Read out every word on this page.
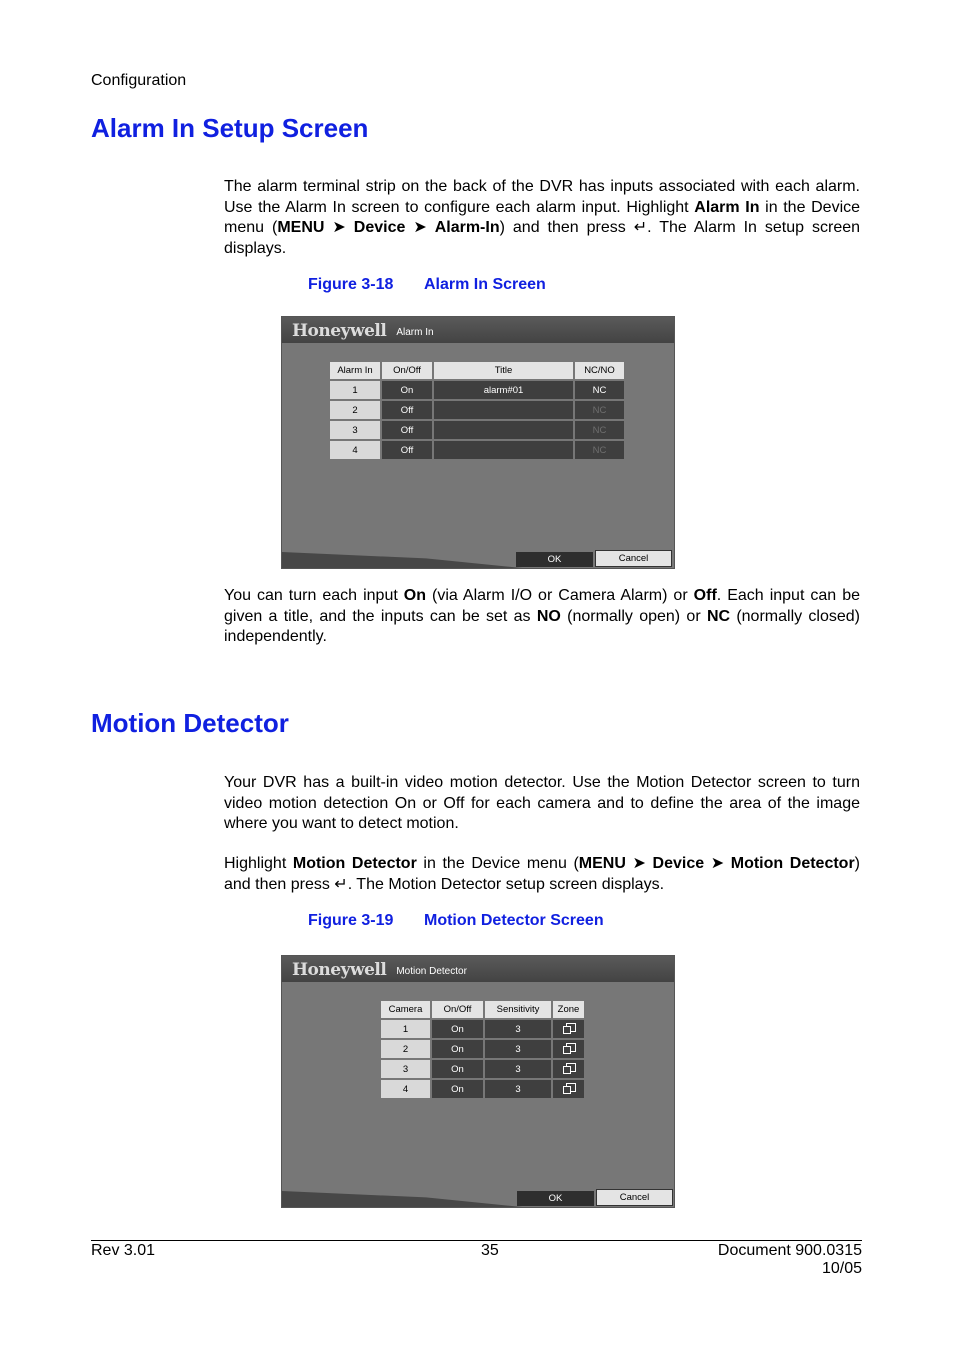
Configuration
Alarm In Setup Screen

The alarm terminal strip on the back of the DVR has inputs associated with each alarm. Use the Alarm In screen to configure each alarm input. Highlight Alarm In in the Device menu (MENU ➤ Device ➤ Alarm-In) and then press ↵. The Alarm In setup screen displays.

Figure 3-18 Alarm In Screen
Honeywell Alarm In
Alarm In	On/Off	Title	NC/NO
1	On	alarm#01	NC
2	Off		NC
3	Off		NC
4	Off		NC
OK	Cancel

You can turn each input On (via Alarm I/O or Camera Alarm) or Off. Each input can be given a title, and the inputs can be set as NO (normally open) or NC (normally closed) independently.

Motion Detector

Your DVR has a built-in video motion detector. Use the Motion Detector screen to turn video motion detection On or Off for each camera and to define the area of the image where you want to detect motion.

Highlight Motion Detector in the Device menu (MENU ➤ Device ➤ Motion Detector) and then press ↵. The Motion Detector setup screen displays.

Figure 3-19 Motion Detector Screen
Honeywell Motion Detector
Camera	On/Off	Sensitivity	Zone
1	On	3	
2	On	3	
3	On	3	
4	On	3	
OK	Cancel
Rev 3.01	35	Document 900.0315
10/05
